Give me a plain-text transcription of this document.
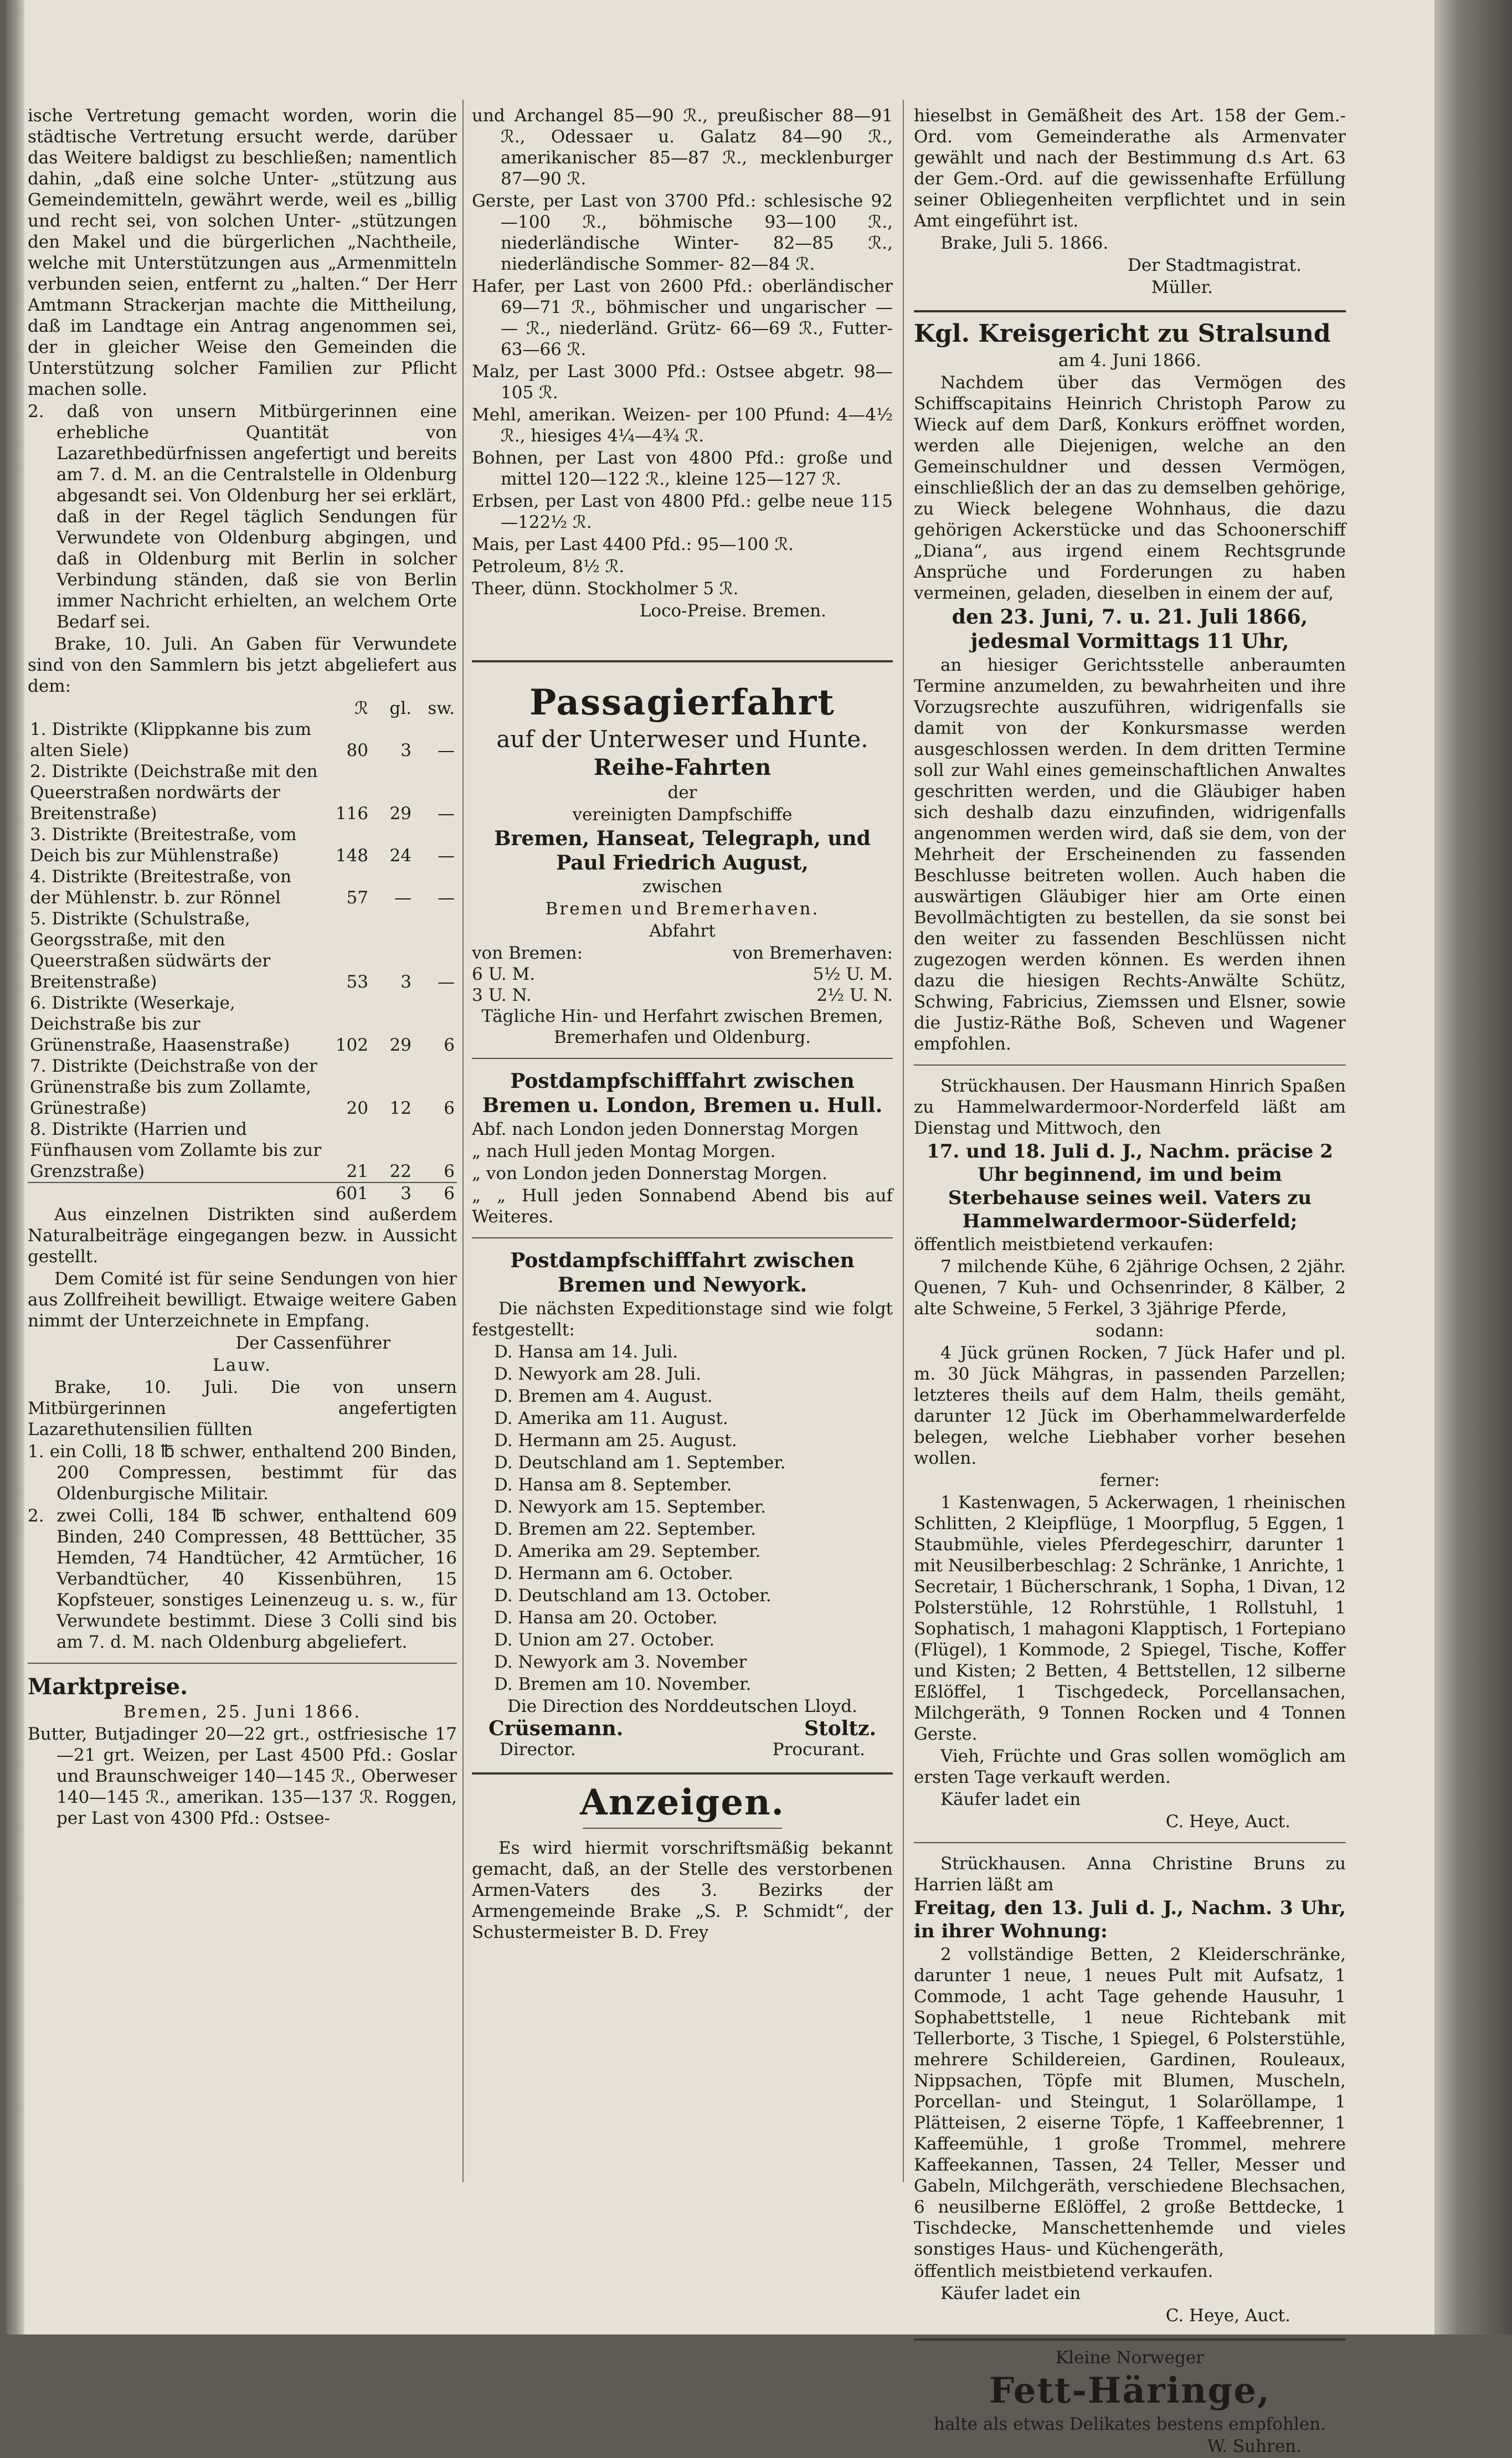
ische Vertretung gemacht worden, worin die städtische Vertretung ersucht werde, darüber das Weitere baldigst zu beschließen; namentlich dahin, „daß eine solche Unter- „stützung aus Gemeindemitteln, gewährt werde, weil es „billig und recht sei, von solchen Unter- „stützungen den Makel und die bürgerlichen „Nachtheile, welche mit Unterstützungen aus „Armenmitteln verbunden seien, entfernt zu „halten.“ Der Herr Amtmann Strackerjan machte die Mittheilung, daß im Landtage ein Antrag angenommen sei, der in gleicher Weise den Gemeinden die Unterstützung solcher Familien zur Pflicht machen solle.

2. daß von unsern Mitbürgerinnen eine erhebliche Quantität von Lazarethbedürfnissen angefertigt und bereits am 7. d. M. an die Centralstelle in Oldenburg abgesandt sei. Von Oldenburg her sei erklärt, daß in der Regel täglich Sendungen für Verwundete von Oldenburg abgingen, und daß in Oldenburg mit Berlin in solcher Verbindung ständen, daß sie von Berlin immer Nachricht erhielten, an welchem Orte Bedarf sei.

Brake, 10. Juli. An Gaben für Verwundete sind von den Sammlern bis jetzt abgeliefert aus dem:

	ℛ	gl.	sw.
1. Distrikte (Klippkanne bis zum alten Siele)	80	3	—
2. Distrikte (Deichstraße mit den Queerstraßen nordwärts der Breitenstraße)	116	29	—
3. Distrikte (Breitestraße, vom Deich bis zur Mühlenstraße)	148	24	—
4. Distrikte (Breitestraße, von der Mühlenstr. b. zur Rönnel	57	—	—
5. Distrikte (Schulstraße, Georgsstraße, mit den Queerstraßen südwärts der Breitenstraße)	53	3	—
6. Distrikte (Weserkaje, Deichstraße bis zur Grünenstraße, Haasenstraße)	102	29	6
7. Distrikte (Deichstraße von der Grünenstraße bis zum Zollamte, Grünestraße)	20	12	6
8. Distrikte (Harrien und Fünfhausen vom Zollamte bis zur Grenzstraße)	21	22	6
	601	3	6

Aus einzelnen Distrikten sind außerdem Naturalbeiträge eingegangen bezw. in Aussicht gestellt.

Dem Comité ist für seine Sendungen von hier aus Zollfreiheit bewilligt. Etwaige weitere Gaben nimmt der Unterzeichnete in Empfang.

Der Cassenführer

Lauw.

Brake, 10. Juli. Die von unsern Mitbürgerinnen angefertigten Lazarethutensilien füllten

1. ein Colli, 18 ℔ schwer, enthaltend 200 Binden, 200 Compressen, bestimmt für das Oldenburgische Militair.

2. zwei Colli, 184 ℔ schwer, enthaltend 609 Binden, 240 Compressen, 48 Betttücher, 35 Hemden, 74 Handtücher, 42 Armtücher, 16 Verbandtücher, 40 Kissenbühren, 15 Kopfsteuer, sonstiges Leinenzeug u. s. w., für Verwundete bestimmt. Diese 3 Colli sind bis am 7. d. M. nach Oldenburg abgeliefert.

Marktpreise.

Bremen, 25. Juni 1866.

Butter, Butjadinger 20—22 grt., ostfriesische 17—21 grt. Weizen, per Last 4500 Pfd.: Goslar und Braunschweiger 140—145 ℛ., Oberweser 140—145 ℛ., amerikan. 135—137 ℛ. Roggen, per Last von 4300 Pfd.: Ostsee-

und Archangel 85—90 ℛ., preußischer 88—91 ℛ., Odessaer u. Galatz 84—90 ℛ., amerikanischer 85—87 ℛ., mecklenburger 87—90 ℛ.

Gerste, per Last von 3700 Pfd.: schlesische 92—100 ℛ., böhmische 93—100 ℛ., niederländische Winter- 82—85 ℛ., niederländische Sommer- 82—84 ℛ.

Hafer, per Last von 2600 Pfd.: oberländischer 69—71 ℛ., böhmischer und ungarischer — — ℛ., niederländ. Grütz- 66—69 ℛ., Futter- 63—66 ℛ.

Malz, per Last 3000 Pfd.: Ostsee abgetr. 98—105 ℛ.

Mehl, amerikan. Weizen- per 100 Pfund: 4—4½ ℛ., hiesiges 4¼—4¾ ℛ.

Bohnen, per Last von 4800 Pfd.: große und mittel 120—122 ℛ., kleine 125—127 ℛ.

Erbsen, per Last von 4800 Pfd.: gelbe neue 115—122½ ℛ.

Mais, per Last 4400 Pfd.: 95—100 ℛ.

Petroleum, 8½ ℛ.

Theer, dünn. Stockholmer 5 ℛ.

Loco-Preise. Bremen.

Passagierfahrt

auf der Unterweser und Hunte.

Reihe-Fahrten

der

vereinigten Dampfschiffe

Bremen, Hanseat, Telegraph, und Paul Friedrich August,

zwischen

Bremen und Bremerhaven.

Abfahrt

von Bremen:	von Bremerhaven:
6 U. M.	5½ U. M.
3 U. N.	2½ U. N.

Tägliche Hin- und Herfahrt zwischen Bremen, Bremerhafen und Oldenburg.

Postdampfschifffahrt zwischen Bremen u. London, Bremen u. Hull.

Abf. nach London jeden Donnerstag Morgen

„ nach Hull jeden Montag Morgen.

„ von London jeden Donnerstag Morgen.

„ „ Hull jeden Sonnabend Abend bis auf Weiteres.

Postdampfschifffahrt zwischen Bremen und Newyork.

Die nächsten Expeditionstage sind wie folgt festgestellt:

D. Hansa am 14. Juli.

D. Newyork am 28. Juli.

D. Bremen am 4. August.

D. Amerika am 11. August.

D. Hermann am 25. August.

D. Deutschland am 1. September.

D. Hansa am 8. September.

D. Newyork am 15. September.

D. Bremen am 22. September.

D. Amerika am 29. September.

D. Hermann am 6. October.

D. Deutschland am 13. October.

D. Hansa am 20. October.

D. Union am 27. October.

D. Newyork am 3. November

D. Bremen am 10. November.

Die Direction des Norddeutschen Lloyd.

Crüsemann.	Stoltz.
Director.	Procurant.

Anzeigen.

Es wird hiermit vorschriftsmäßig bekannt gemacht, daß, an der Stelle des verstorbenen Armen-Vaters des 3. Bezirks der Armengemeinde Brake „S. P. Schmidt“, der Schustermeister B. D. Frey

hieselbst in Gemäßheit des Art. 158 der Gem.-Ord. vom Gemeinderathe als Armenvater gewählt und nach der Bestimmung d.s Art. 63 der Gem.-Ord. auf die gewissenhafte Erfüllung seiner Obliegenheiten verpflichtet und in sein Amt eingeführt ist.

Brake, Juli 5. 1866.

Der Stadtmagistrat.

Müller.

Kgl. Kreisgericht zu Stralsund

am 4. Juni 1866.

Nachdem über das Vermögen des Schiffscapitains Heinrich Christoph Parow zu Wieck auf dem Darß, Konkurs eröffnet worden, werden alle Diejenigen, welche an den Gemeinschuldner und dessen Vermögen, einschließlich der an das zu demselben gehörige, zu Wieck belegene Wohnhaus, die dazu gehörigen Ackerstücke und das Schoonerschiff „Diana“, aus irgend einem Rechtsgrunde Ansprüche und Forderungen zu haben vermeinen, geladen, dieselben in einem der auf,

den 23. Juni, 7. u. 21. Juli 1866, jedesmal Vormittags 11 Uhr,

an hiesiger Gerichtsstelle anberaumten Termine anzumelden, zu bewahrheiten und ihre Vorzugsrechte auszuführen, widrigenfalls sie damit von der Konkursmasse werden ausgeschlossen werden. In dem dritten Termine soll zur Wahl eines gemeinschaftlichen Anwaltes geschritten werden, und die Gläubiger haben sich deshalb dazu einzufinden, widrigenfalls angenommen werden wird, daß sie dem, von der Mehrheit der Erscheinenden zu fassenden Beschlusse beitreten wollen. Auch haben die auswärtigen Gläubiger hier am Orte einen Bevollmächtigten zu bestellen, da sie sonst bei den weiter zu fassenden Beschlüssen nicht zugezogen werden können. Es werden ihnen dazu die hiesigen Rechts-Anwälte Schütz, Schwing, Fabricius, Ziemssen und Elsner, sowie die Justiz-Räthe Boß, Scheven und Wagener empfohlen.

Strückhausen. Der Hausmann Hinrich Spaßen zu Hammelwardermoor-Norderfeld läßt am Dienstag und Mittwoch, den

17. und 18. Juli d. J., Nachm. präcise 2 Uhr beginnend, im und beim Sterbehause seines weil. Vaters zu Hammelwardermoor-Süderfeld;

öffentlich meistbietend verkaufen:

7 milchende Kühe, 6 2jährige Ochsen, 2 2jähr. Quenen, 7 Kuh- und Ochsenrinder, 8 Kälber, 2 alte Schweine, 5 Ferkel, 3 3jährige Pferde,

sodann:

4 Jück grünen Rocken, 7 Jück Hafer und pl. m. 30 Jück Mähgras, in passenden Parzellen; letzteres theils auf dem Halm, theils gemäht, darunter 12 Jück im Oberhammelwarderfelde belegen, welche Liebhaber vorher besehen wollen.

ferner:

1 Kastenwagen, 5 Ackerwagen, 1 rheinischen Schlitten, 2 Kleipflüge, 1 Moorpflug, 5 Eggen, 1 Staubmühle, vieles Pferdegeschirr, darunter 1 mit Neusilberbeschlag: 2 Schränke, 1 Anrichte, 1 Secretair, 1 Bücherschrank, 1 Sopha, 1 Divan, 12 Polsterstühle, 12 Rohrstühle, 1 Rollstuhl, 1 Sophatisch, 1 mahagoni Klapptisch, 1 Fortepiano (Flügel), 1 Kommode, 2 Spiegel, Tische, Koffer und Kisten; 2 Betten, 4 Bettstellen, 12 silberne Eßlöffel, 1 Tischgedeck, Porcellansachen, Milchgeräth, 9 Tonnen Rocken und 4 Tonnen Gerste.

Vieh, Früchte und Gras sollen womöglich am ersten Tage verkauft werden.

Käufer ladet ein

C. Heye, Auct.

Strückhausen. Anna Christine Bruns zu Harrien läßt am

Freitag, den 13. Juli d. J., Nachm. 3 Uhr, in ihrer Wohnung:

2 vollständige Betten, 2 Kleiderschränke, darunter 1 neue, 1 neues Pult mit Aufsatz, 1 Commode, 1 acht Tage gehende Hausuhr, 1 Sophabettstelle, 1 neue Richtebank mit Tellerborte, 3 Tische, 1 Spiegel, 6 Polsterstühle, mehrere Schildereien, Gardinen, Rouleaux, Nippsachen, Töpfe mit Blumen, Muscheln, Porcellan- und Steingut, 1 Solaröllampe, 1 Plätteisen, 2 eiserne Töpfe, 1 Kaffeebrenner, 1 Kaffeemühle, 1 große Trommel, mehrere Kaffeekannen, Tassen, 24 Teller, Messer und Gabeln, Milchgeräth, verschiedene Blechsachen, 6 neusilberne Eßlöffel, 2 große Bettdecke, 1 Tischdecke, Manschettenhemde und vieles sonstiges Haus- und Küchengeräth,

öffentlich meistbietend verkaufen.

Käufer ladet ein

C. Heye, Auct.

Kleine Norweger

Fett-Häringe,

halte als etwas Delikates bestens empfohlen.

W. Suhren.
